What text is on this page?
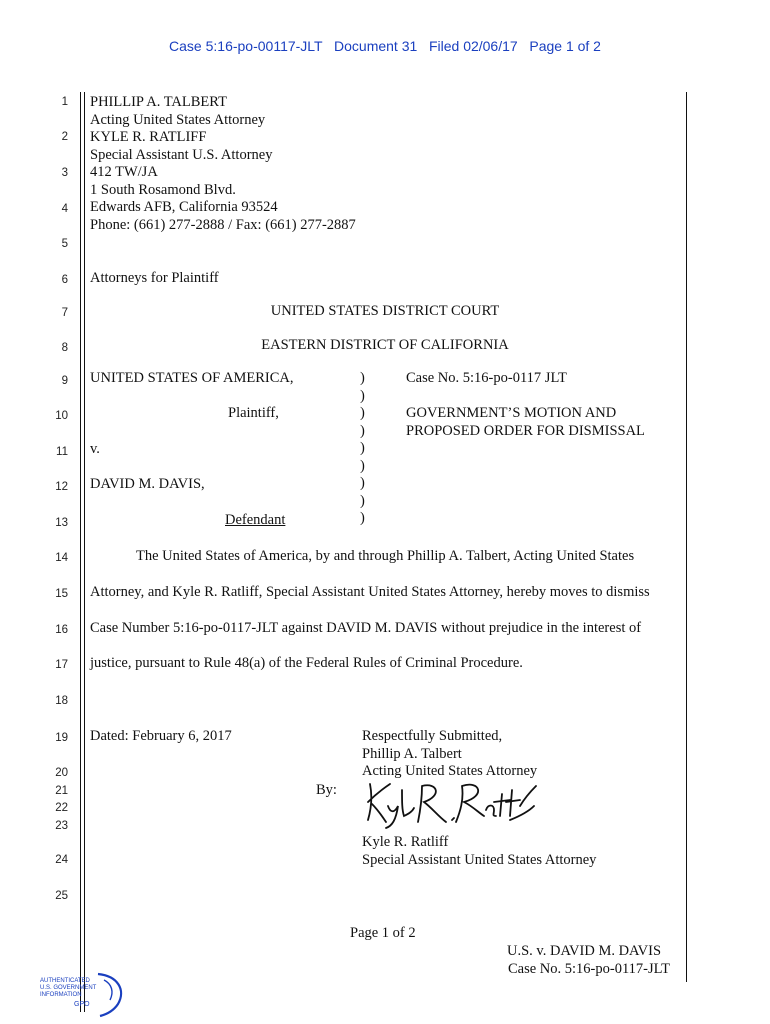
Case 5:16-po-00117-JLT   Document 31   Filed 02/06/17   Page 1 of 2
1
2
3
4
5
6
7
8
9
10
11
12
13
14
15
16
17
18
19
20
21
22
23
24
25
PHILLIP A. TALBERT
Acting United States Attorney
KYLE R. RATLIFF
Special Assistant U.S. Attorney
412 TW/JA
1 South Rosamond Blvd.
Edwards AFB, California 93524
Phone: (661) 277-2888 / Fax: (661) 277-2887
Attorneys for Plaintiff
UNITED STATES DISTRICT COURT
EASTERN DISTRICT OF CALIFORNIA
UNITED STATES OF AMERICA,
Plaintiff,
v.
DAVID M. DAVIS,
Defendant
)
)
)
)
)
)
)
)
)
Case No. 5:16-po-0117 JLT
GOVERNMENT’S MOTION AND
PROPOSED ORDER FOR DISMISSAL
The United States of America, by and through Phillip A. Talbert, Acting United States
Attorney, and Kyle R. Ratliff, Special Assistant United States Attorney, hereby moves to dismiss
Case Number 5:16-po-0117-JLT against DAVID M. DAVIS without prejudice in the interest of
justice, pursuant to Rule 48(a) of the Federal Rules of Criminal Procedure.
Dated: February 6, 2017	Respectfully Submitted,
Phillip A. Talbert
Acting United States Attorney
By:
Kyle R. Ratliff
Special Assistant United States Attorney
Page 1 of 2
U.S. v. DAVID M. DAVIS
Case No. 5:16-po-0117-JLT
AUTHENTICATED
U.S. GOVERNMENT
INFORMATION
GPO
